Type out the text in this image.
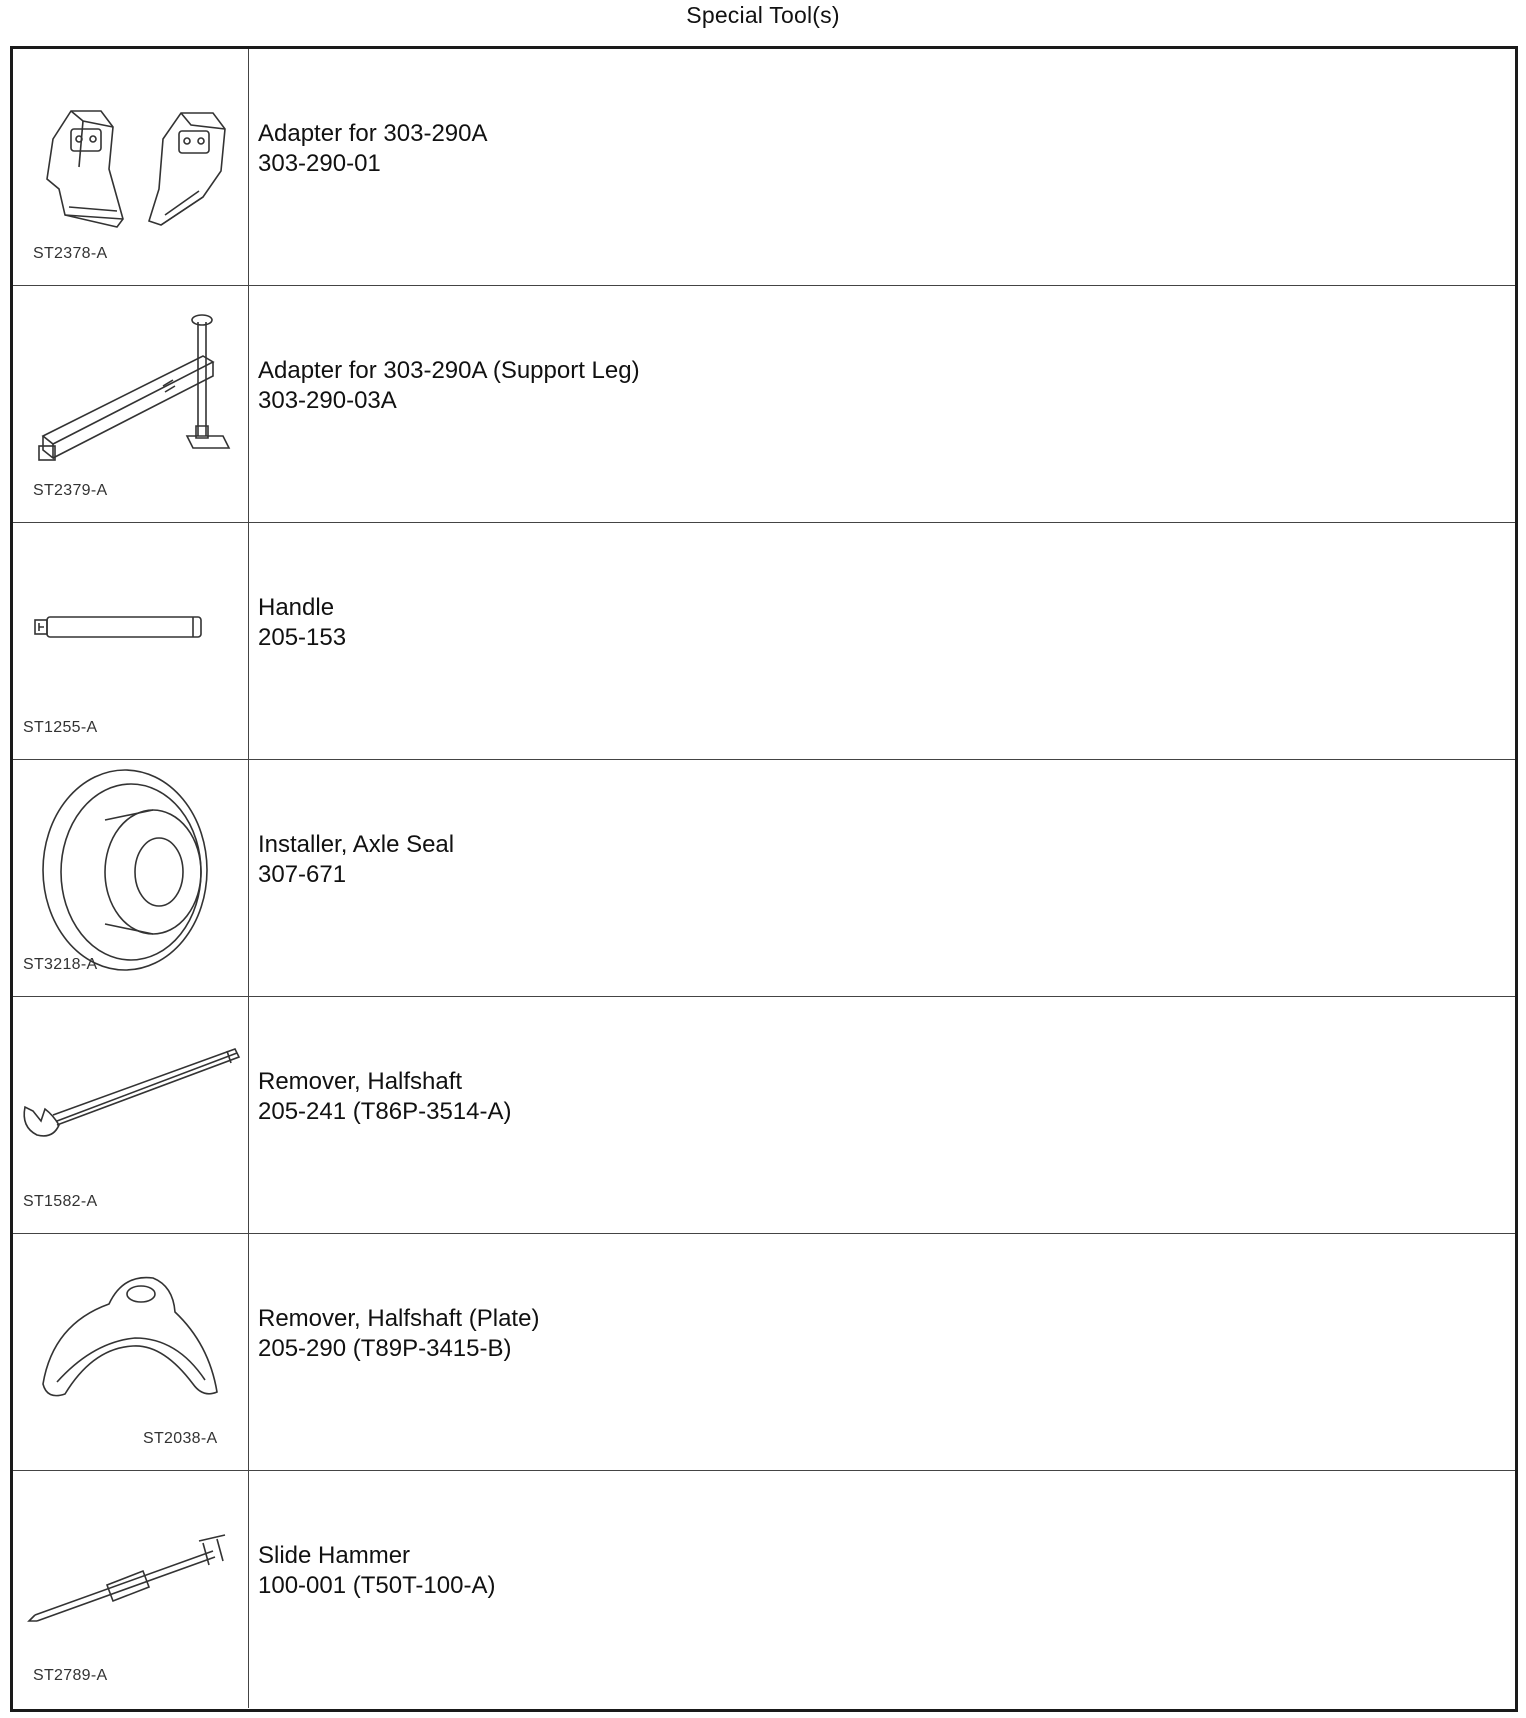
Special Tool(s)
ST2378-A
Adapter for 303-290A
303-290-01
ST2379-A
Adapter for 303-290A (Support Leg)
303-290-03A
ST1255-A
Handle
205-153
ST3218-A
Installer, Axle Seal
307-671
ST1582-A
Remover, Halfshaft
205-241 (T86P-3514-A)
ST2038-A
Remover, Halfshaft (Plate)
205-290 (T89P-3415-B)
ST2789-A
Slide Hammer
100-001 (T50T-100-A)
